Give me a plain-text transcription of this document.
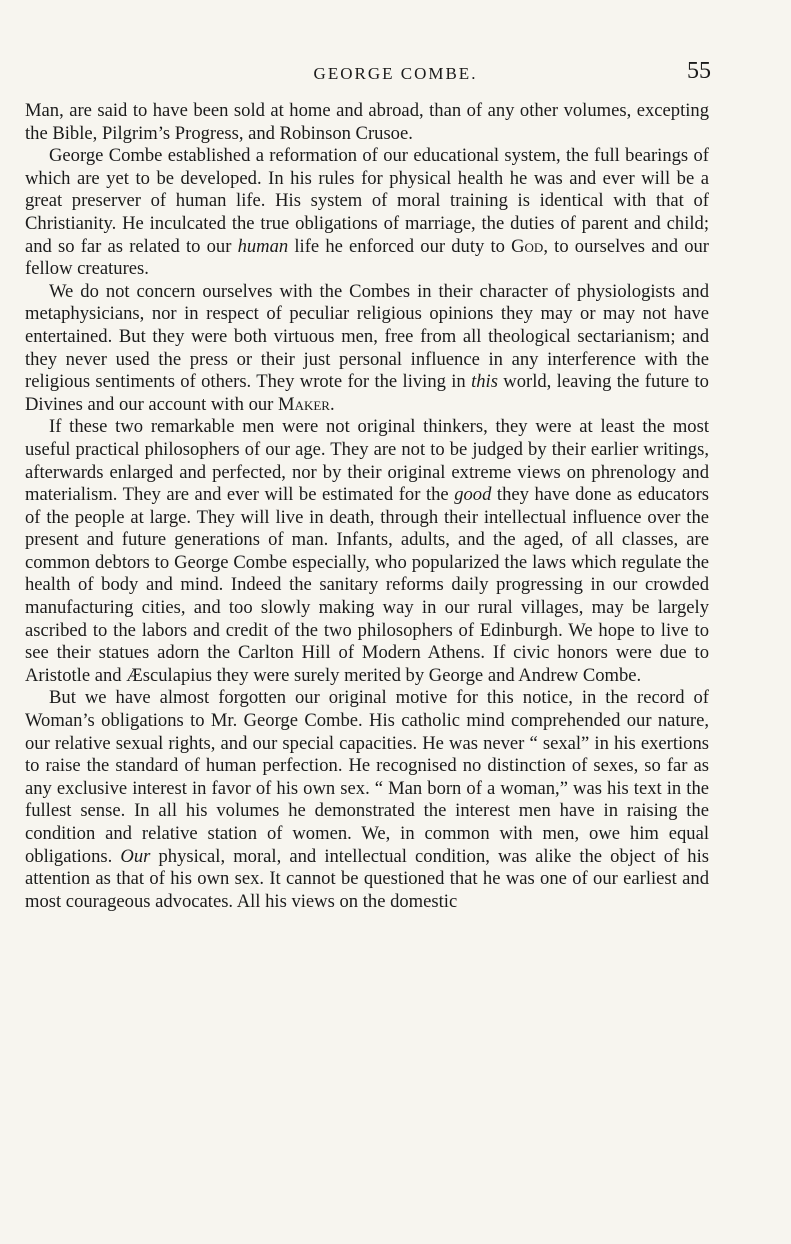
GEORGE COMBE.	55

Man, are said to have been sold at home and abroad, than of any other volumes, excepting the Bible, Pilgrim’s Progress, and Robinson Crusoe.

George Combe established a reformation of our educational system, the full bearings of which are yet to be developed. In his rules for physical health he was and ever will be a great preserver of human life. His system of moral training is identical with that of Christianity. He inculcated the true obligations of marriage, the duties of parent and child; and so far as related to our human life he enforced our duty to God, to ourselves and our fellow creatures.

We do not concern ourselves with the Combes in their character of physiologists and metaphysicians, nor in respect of peculiar religious opinions they may or may not have entertained. But they were both virtuous men, free from all theological sectarianism; and they never used the press or their just personal influence in any interference with the religious sentiments of others. They wrote for the living in this world, leaving the future to Divines and our account with our Maker.

If these two remarkable men were not original thinkers, they were at least the most useful practical philosophers of our age. They are not to be judged by their earlier writings, afterwards enlarged and perfected, nor by their original extreme views on phrenology and materialism. They are and ever will be estimated for the good they have done as educators of the people at large. They will live in death, through their intellectual influence over the present and future generations of man. Infants, adults, and the aged, of all classes, are common debtors to George Combe especially, who popularized the laws which regulate the health of body and mind. Indeed the sanitary reforms daily progressing in our crowded manufacturing cities, and too slowly making way in our rural villages, may be largely ascribed to the labors and credit of the two philosophers of Edinburgh. We hope to live to see their statues adorn the Carlton Hill of Modern Athens. If civic honors were due to Aristotle and Æsculapius they were surely merited by George and Andrew Combe.

But we have almost forgotten our original motive for this notice, in the record of Woman’s obligations to Mr. George Combe. His catholic mind comprehended our nature, our relative sexual rights, and our special capacities. He was never “ sexal” in his exertions to raise the standard of human perfection. He recognised no distinction of sexes, so far as any exclusive interest in favor of his own sex. “ Man born of a woman,” was his text in the fullest sense. In all his volumes he demonstrated the interest men have in raising the condition and relative station of women. We, in common with men, owe him equal obligations. Our physical, moral, and intellectual condition, was alike the object of his attention as that of his own sex. It cannot be questioned that he was one of our earliest and most courageous advocates. All his views on the domestic
